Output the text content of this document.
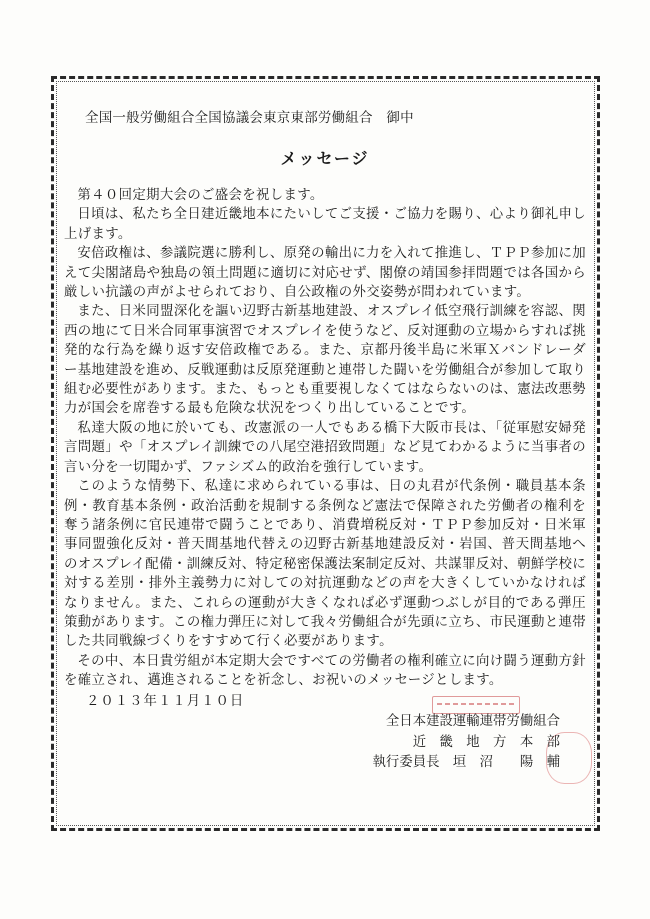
全国一般労働組合全国協議会東京東部労働組合　御中
メッセージ

第４０回定期大会のご盛会を祝します。

日頃は、私たち全日建近畿地本にたいしてご支援・ご協力を賜り、心より御礼申し上げます。

安倍政権は、参議院選に勝利し、原発の輸出に力を入れて推進し、ＴＰＰ参加に加えて尖閣諸島や独島の領土問題に適切に対応せず、閣僚の靖国参拝問題では各国から厳しい抗議の声がよせられており、自公政権の外交姿勢が問われています。

また、日米同盟深化を謳い辺野古新基地建設、オスプレイ低空飛行訓練を容認、関西の地にて日米合同軍事演習でオスプレイを使うなど、反対運動の立場からすれば挑発的な行為を繰り返す安倍政権である。また、京都丹後半島に米軍Ｘバンドレーダー基地建設を進め、反戦運動は反原発運動と連帯した闘いを労働組合が参加して取り組む必要性があります。また、もっとも重要視しなくてはならないのは、憲法改悪勢力が国会を席巻する最も危険な状況をつくり出していることです。

私達大阪の地に於いても、改憲派の一人でもある橋下大阪市長は、「従軍慰安婦発言問題」や「オスプレイ訓練での八尾空港招致問題」など見てわかるように当事者の言い分を一切聞かず、ファシズム的政治を強行しています。

このような情勢下、私達に求められている事は、日の丸君が代条例・職員基本条例・教育基本条例・政治活動を規制する条例など憲法で保障された労働者の権利を奪う諸条例に官民連帯で闘うことであり、消費増税反対・ＴＰＰ参加反対・日米軍事同盟強化反対・普天間基地代替えの辺野古新基地建設反対・岩国、普天間基地へのオスプレイ配備・訓練反対、特定秘密保護法案制定反対、共謀罪反対、朝鮮学校に対する差別・排外主義勢力に対しての対抗運動などの声を大きくしていかなければなりません。また、これらの運動が大きくなれば必ず運動つぶしが目的である弾圧策動があります。この権力弾圧に対して我々労働組合が先頭に立ち、市民運動と連帯した共同戦線づくりをすすめて行く必要があります。

その中、本日貴労組が本定期大会ですべての労働者の権利確立に向け闘う運動方針を確立され、邁進されることを祈念し、お祝いのメッセージとします。

２０１３年１１月１０日
全日本建設運輸連帯労働組合
近　畿　地　方　本　部
執行委員長　垣　沼　　陽　輔
